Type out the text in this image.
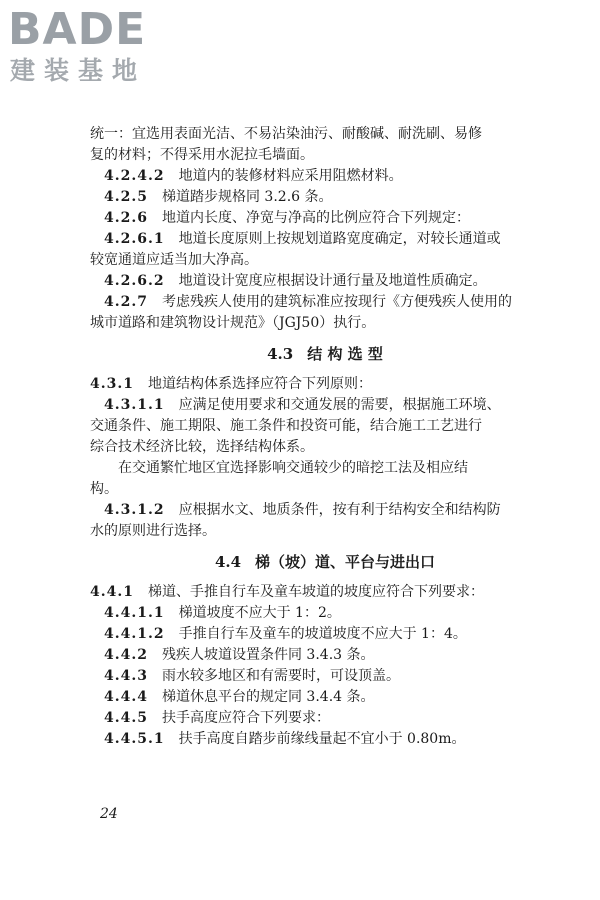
BADE
建装基地
统一：宜选用表面光洁、不易沾染油污、耐酸碱、耐洗刷、易修
复的材料；不得采用水泥拉毛墙面。
4.2.4.2 地道内的装修材料应采用阻燃材料。
4.2.5 梯道踏步规格同 3.2.6 条。
4.2.6 地道内长度、净宽与净高的比例应符合下列规定：
4.2.6.1 地道长度原则上按规划道路宽度确定，对较长通道或
较宽通道应适当加大净高。
4.2.6.2 地道设计宽度应根据设计通行量及地道性质确定。
4.2.7 考虑残疾人使用的建筑标准应按现行《方便残疾人使用的
城市道路和建筑物设计规范》（JGJ50）执行。
4.3 结 构 选 型
4.3.1 地道结构体系选择应符合下列原则：
4.3.1.1 应满足使用要求和交通发展的需要，根据施工环境、
交通条件、施工期限、施工条件和投资可能，结合施工工艺进行
综合技术经济比较，选择结构体系。
在交通繁忙地区宜选择影响交通较少的暗挖工法及相应结
构。
4.3.1.2 应根据水文、地质条件，按有利于结构安全和结构防
水的原则进行选择。
4.4 梯（坡）道、平台与进出口
4.4.1 梯道、手推自行车及童车坡道的坡度应符合下列要求：
4.4.1.1 梯道坡度不应大于 1：2。
4.4.1.2 手推自行车及童车的坡道坡度不应大于 1：4。
4.4.2 残疾人坡道设置条件同 3.4.3 条。
4.4.3 雨水较多地区和有需要时，可设顶盖。
4.4.4 梯道休息平台的规定同 3.4.4 条。
4.4.5 扶手高度应符合下列要求：
4.4.5.1 扶手高度自踏步前缘线量起不宜小于 0.80m。
24
